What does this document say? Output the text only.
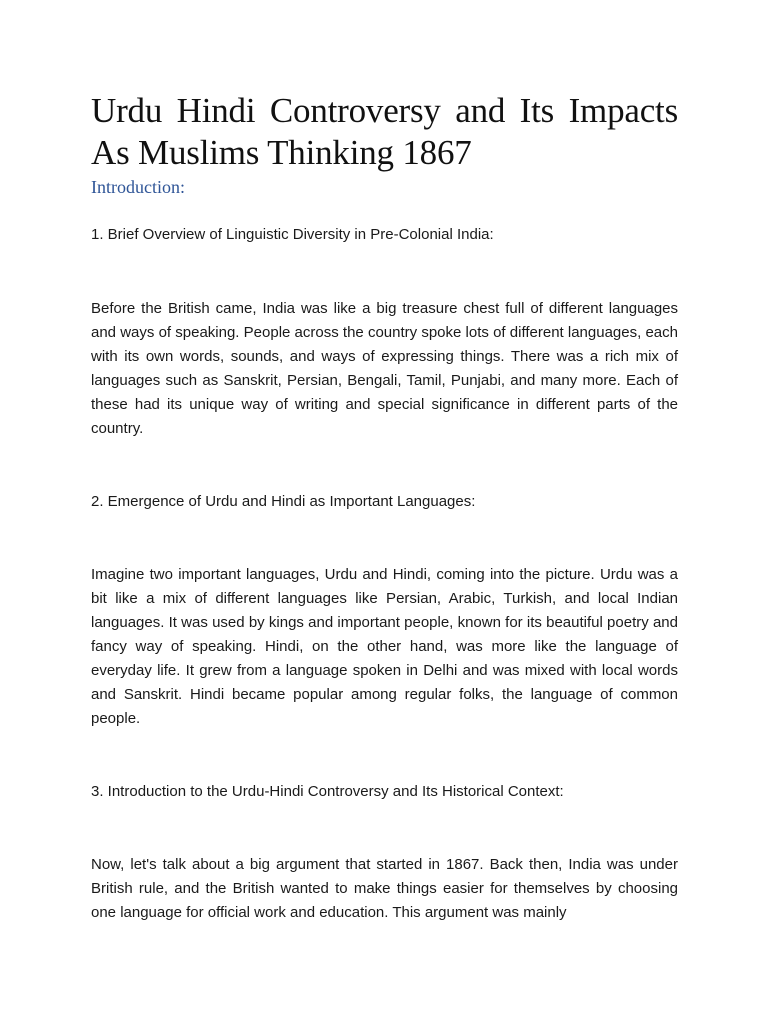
Urdu Hindi Controversy and Its Impacts As Muslims Thinking 1867
Introduction:

1. Brief Overview of Linguistic Diversity in Pre-Colonial India:

Before the British came, India was like a big treasure chest full of different languages and ways of speaking. People across the country spoke lots of different languages, each with its own words, sounds, and ways of expressing things. There was a rich mix of languages such as Sanskrit, Persian, Bengali, Tamil, Punjabi, and many more. Each of these had its unique way of writing and special significance in different parts of the country.

2. Emergence of Urdu and Hindi as Important Languages:

Imagine two important languages, Urdu and Hindi, coming into the picture. Urdu was a bit like a mix of different languages like Persian, Arabic, Turkish, and local Indian languages. It was used by kings and important people, known for its beautiful poetry and fancy way of speaking. Hindi, on the other hand, was more like the language of everyday life. It grew from a language spoken in Delhi and was mixed with local words and Sanskrit. Hindi became popular among regular folks, the language of common people.

3. Introduction to the Urdu-Hindi Controversy and Its Historical Context:

Now, let's talk about a big argument that started in 1867. Back then, India was under British rule, and the British wanted to make things easier for themselves by choosing one language for official work and education. This argument was mainly
